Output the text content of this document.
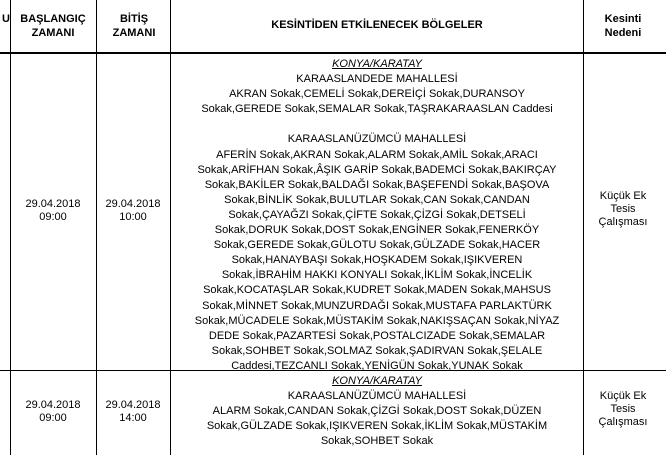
U BAŞLANGIÇ ZAMANI
BİTİŞ ZAMANI
KESİNTİDEN ETKİLENECEK BÖLGELER	Kesinti Nedeni
29.04.2018
09:00
29.04.2018
10:00
KONYA/KARATAY
KARAASLANDEDE MAHALLESİ
AKRAN Sokak,CEMELİ Sokak,DEREİÇİ Sokak,DURANSOY
Sokak,GEREDE Sokak,SEMALAR Sokak,TAŞRAKARAASLAN Caddesi
KARAASLANÜZÜMCÜ MAHALLESİ
AFERİN Sokak,AKRAN Sokak,ALARM Sokak,AMİL Sokak,ARACI
Sokak,ARİFHAN Sokak,ÂŞIK GARİP Sokak,BADEMCİ Sokak,BAKIRÇAY
Sokak,BAKİLER Sokak,BALDAĞI Sokak,BAŞEFENDİ Sokak,BAŞOVA
Sokak,BİNLİK Sokak,BULUTLAR Sokak,CAN Sokak,CANDAN
Sokak,ÇAYAĞZI Sokak,ÇİFTE Sokak,ÇİZGİ Sokak,DETSELİ
Sokak,DORUK Sokak,DOST Sokak,ENGİNER Sokak,FENERKÖY
Sokak,GEREDE Sokak,GÜLOTU Sokak,GÜLZADE Sokak,HACER
Sokak,HANAYBAŞI Sokak,HOŞKADEM Sokak,IŞIKVEREN
Sokak,İBRAHİM HAKKI KONYALI Sokak,İKLİM Sokak,İNCELİK
Sokak,KOCATAŞLAR Sokak,KUDRET Sokak,MADEN Sokak,MAHSUS
Sokak,MİNNET Sokak,MUNZURDAĞI Sokak,MUSTAFA PARLAKTÜRK
Sokak,MÜCADELE Sokak,MÜSTAKİM Sokak,NAKIŞSAÇAN Sokak,NİYAZ
DEDE Sokak,PAZARTESİ Sokak,POSTALCIZADE Sokak,SEMALAR
Sokak,SOHBET Sokak,SOLMAZ Sokak,ŞADIRVAN Sokak,ŞELALE
Caddesi,TEZCANLI Sokak,YENİGÜN Sokak,YUNAK Sokak
Küçük Ek Tesis Çalışması
29.04.2018
09:00
29.04.2018
14:00
KONYA/KARATAY
KARAASLANÜZÜMCÜ MAHALLESİ
ALARM Sokak,CANDAN Sokak,ÇİZGİ Sokak,DOST Sokak,DÜZEN
Sokak,GÜLZADE Sokak,IŞIKVEREN Sokak,İKLİM Sokak,MÜSTAKİM
Sokak,SOHBET Sokak
Küçük Ek Tesis Çalışması
